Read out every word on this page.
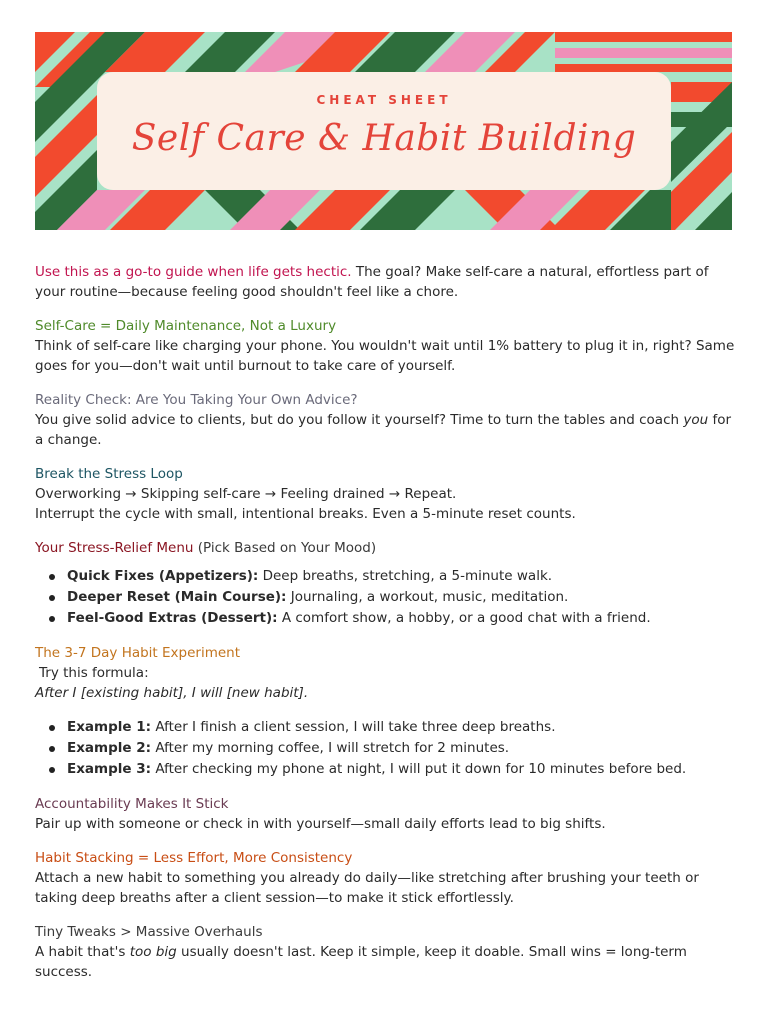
CHEAT SHEET
Self Care & Habit Building

Use this as a go-to guide when life gets hectic. The goal? Make self-care a natural, effortless part of your routine—because feeling good shouldn't feel like a chore.

Self-Care = Daily Maintenance, Not a Luxury

Think of self-care like charging your phone. You wouldn't wait until 1% battery to plug it in, right? Same goes for you—don't wait until burnout to take care of yourself.

Reality Check: Are You Taking Your Own Advice?

You give solid advice to clients, but do you follow it yourself? Time to turn the tables and coach you for a change.

Break the Stress Loop

Overworking → Skipping self-care → Feeling drained → Repeat.

Interrupt the cycle with small, intentional breaks. Even a 5-minute reset counts.

Your Stress-Relief Menu (Pick Based on Your Mood)
Quick Fixes (Appetizers): Deep breaths, stretching, a 5-minute walk.
Deeper Reset (Main Course): Journaling, a workout, music, meditation.
Feel-Good Extras (Dessert): A comfort show, a hobby, or a good chat with a friend.
The 3-7 Day Habit Experiment

Try this formula:

After I [existing habit], I will [new habit].

Example 1: After I finish a client session, I will take three deep breaths.
Example 2: After my morning coffee, I will stretch for 2 minutes.
Example 3: After checking my phone at night, I will put it down for 10 minutes before bed.
Accountability Makes It Stick

Pair up with someone or check in with yourself—small daily efforts lead to big shifts.

Habit Stacking = Less Effort, More Consistency

Attach a new habit to something you already do daily—like stretching after brushing your teeth or taking deep breaths after a client session—to make it stick effortlessly.

Tiny Tweaks > Massive Overhauls

A habit that's too big usually doesn't last. Keep it simple, keep it doable. Small wins = long-term success.
